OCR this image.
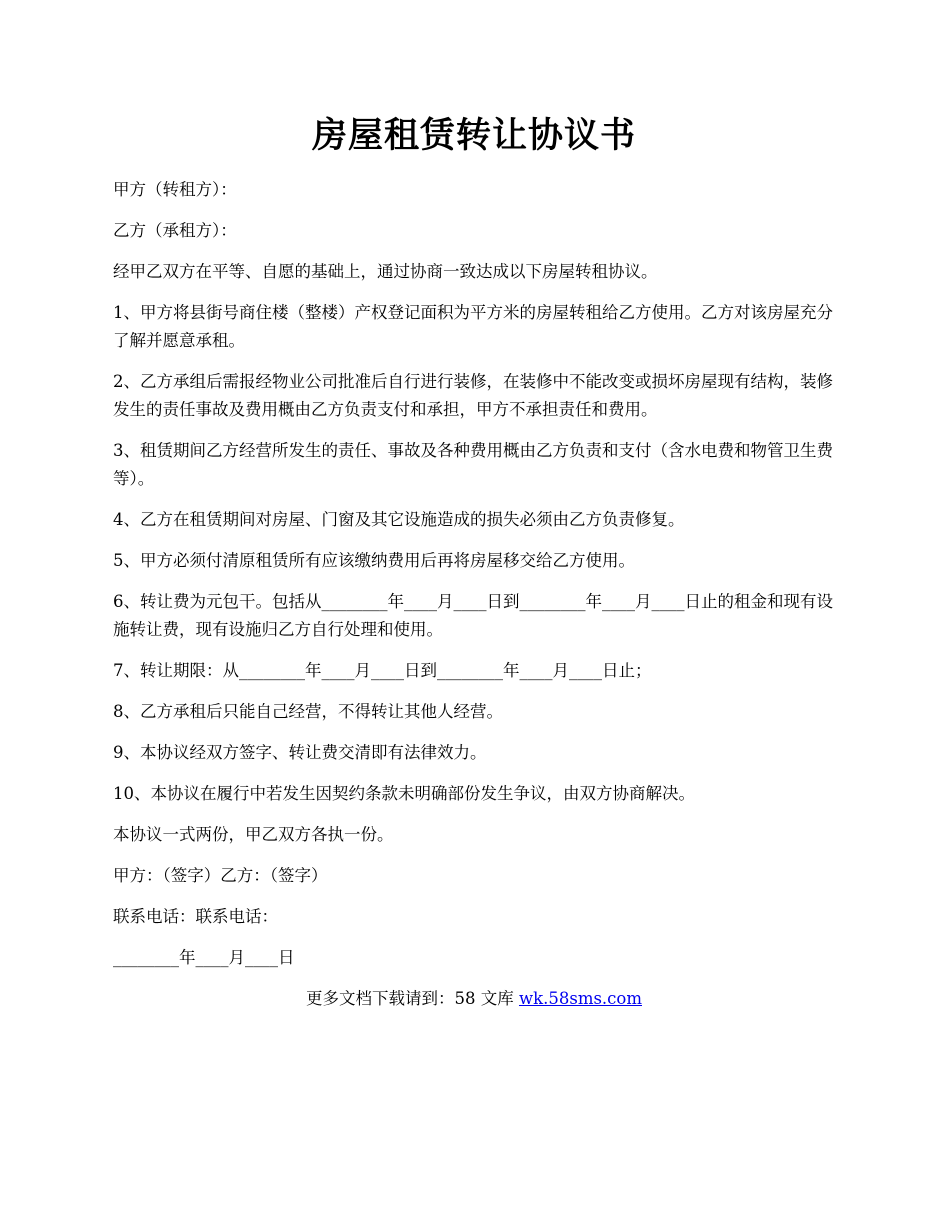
房屋租赁转让协议书

甲方（转租方）：

乙方（承租方）：

经甲乙双方在平等、自愿的基础上，通过协商一致达成以下房屋转租协议。

1、甲方将县街号商住楼（整楼）产权登记面积为平方米的房屋转租给乙方使用。乙方对该房屋充分了解并愿意承租。

2、乙方承组后需报经物业公司批准后自行进行装修，在装修中不能改变或损坏房屋现有结构，装修发生的责任事故及费用概由乙方负责支付和承担，甲方不承担责任和费用。

3、租赁期间乙方经营所发生的责任、事故及各种费用概由乙方负责和支付（含水电费和物管卫生费等）。

4、乙方在租赁期间对房屋、门窗及其它设施造成的损失必须由乙方负责修复。

5、甲方必须付清原租赁所有应该缴纳费用后再将房屋移交给乙方使用。

6、转让费为元包干。包括从________年____月____日到________年____月____日止的租金和现有设施转让费，现有设施归乙方自行处理和使用。

7、转让期限：从________年____月____日到________年____月____日止；

8、乙方承租后只能自己经营，不得转让其他人经营。

9、本协议经双方签字、转让费交清即有法律效力。

10、本协议在履行中若发生因契约条款未明确部份发生争议，由双方协商解决。

本协议一式两份，甲乙双方各执一份。

甲方：（签字）乙方：（签字）

联系电话：联系电话：

________年____月____日

更多文档下载请到：58 文库 wk.58sms.com
